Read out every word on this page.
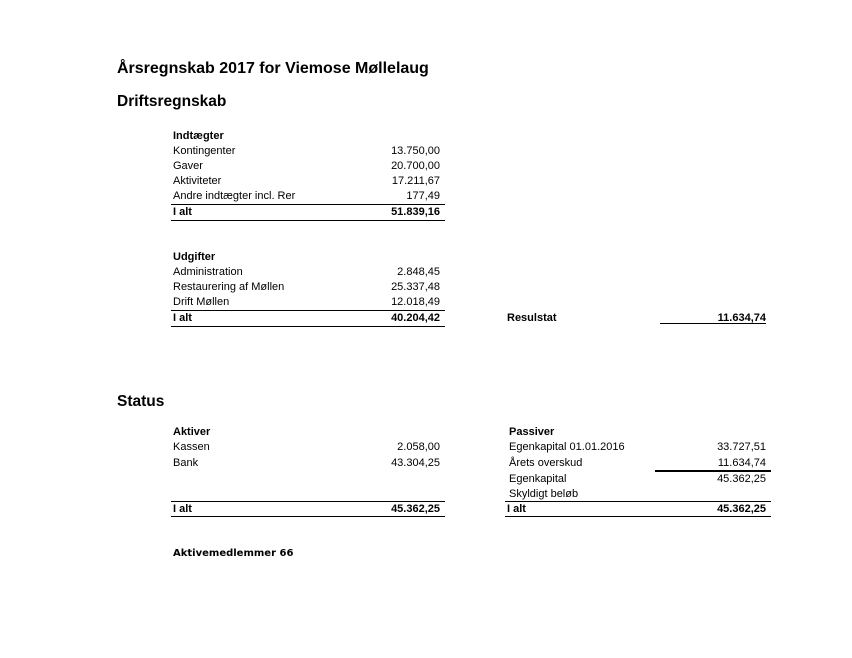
Årsregnskab 2017 for Viemose Møllelaug
Driftsregnskab
Indtægter
Kontingenter	13.750,00
Gaver	20.700,00
Aktiviteter	17.211,67
Andre indtægter incl. Rer	177,49
I alt	51.839,16
Udgifter
Administration	2.848,45
Restaurering af Møllen	25.337,48
Drift Møllen	12.018,49
I alt	40.204,42	Resulstat	11.634,74
Status
Aktiver
Kassen	2.058,00
Bank	43.304,25
I alt	45.362,25
Passiver
Egenkapital 01.01.2016	33.727,51
Årets overskud	11.634,74
Egenkapital	45.362,25
Skyldigt beløb
I alt	45.362,25
Aktivemedlemmer 66
